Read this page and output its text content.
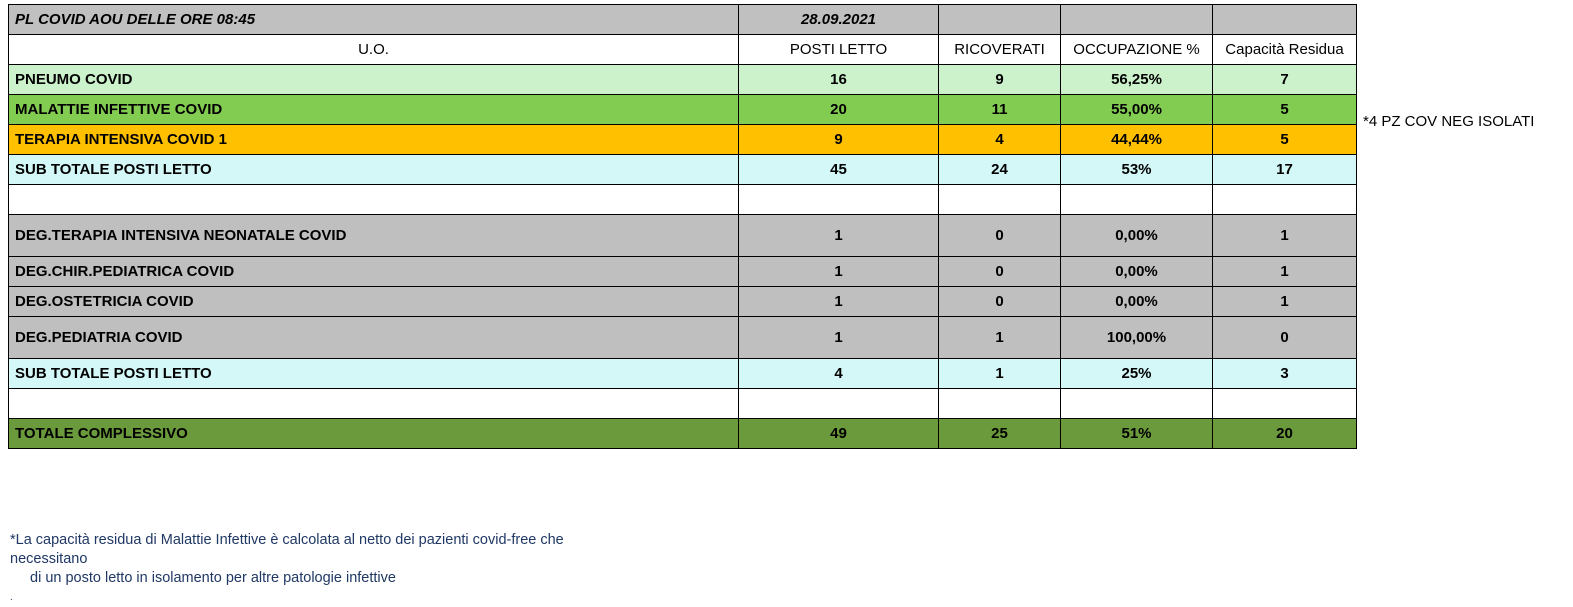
PL COVID AOU DELLE ORE 08:45	28.09.2021			
U.O.	POSTI LETTO	RICOVERATI	OCCUPAZIONE %	Capacità Residua
PNEUMO COVID	16	9	56,25%	7
MALATTIE INFETTIVE COVID	20	11	55,00%	5
TERAPIA INTENSIVA COVID 1	9	4	44,44%	5
SUB TOTALE POSTI LETTO	45	24	53%	17

DEG.TERAPIA INTENSIVA NEONATALE COVID	1	0	0,00%	1
DEG.CHIR.PEDIATRICA COVID	1	0	0,00%	1
DEG.OSTETRICIA COVID	1	0	0,00%	1
DEG.PEDIATRIA COVID	1	1	100,00%	0
SUB TOTALE POSTI LETTO	4	1	25%	3

TOTALE COMPLESSIVO	49	25	51%	20
*4 PZ COV NEG ISOLATI
*La capacità residua di Malattie Infettive è calcolata al netto dei pazienti covid-free che
necessitano
di un posto letto in isolamento per altre patologie infettive
.
